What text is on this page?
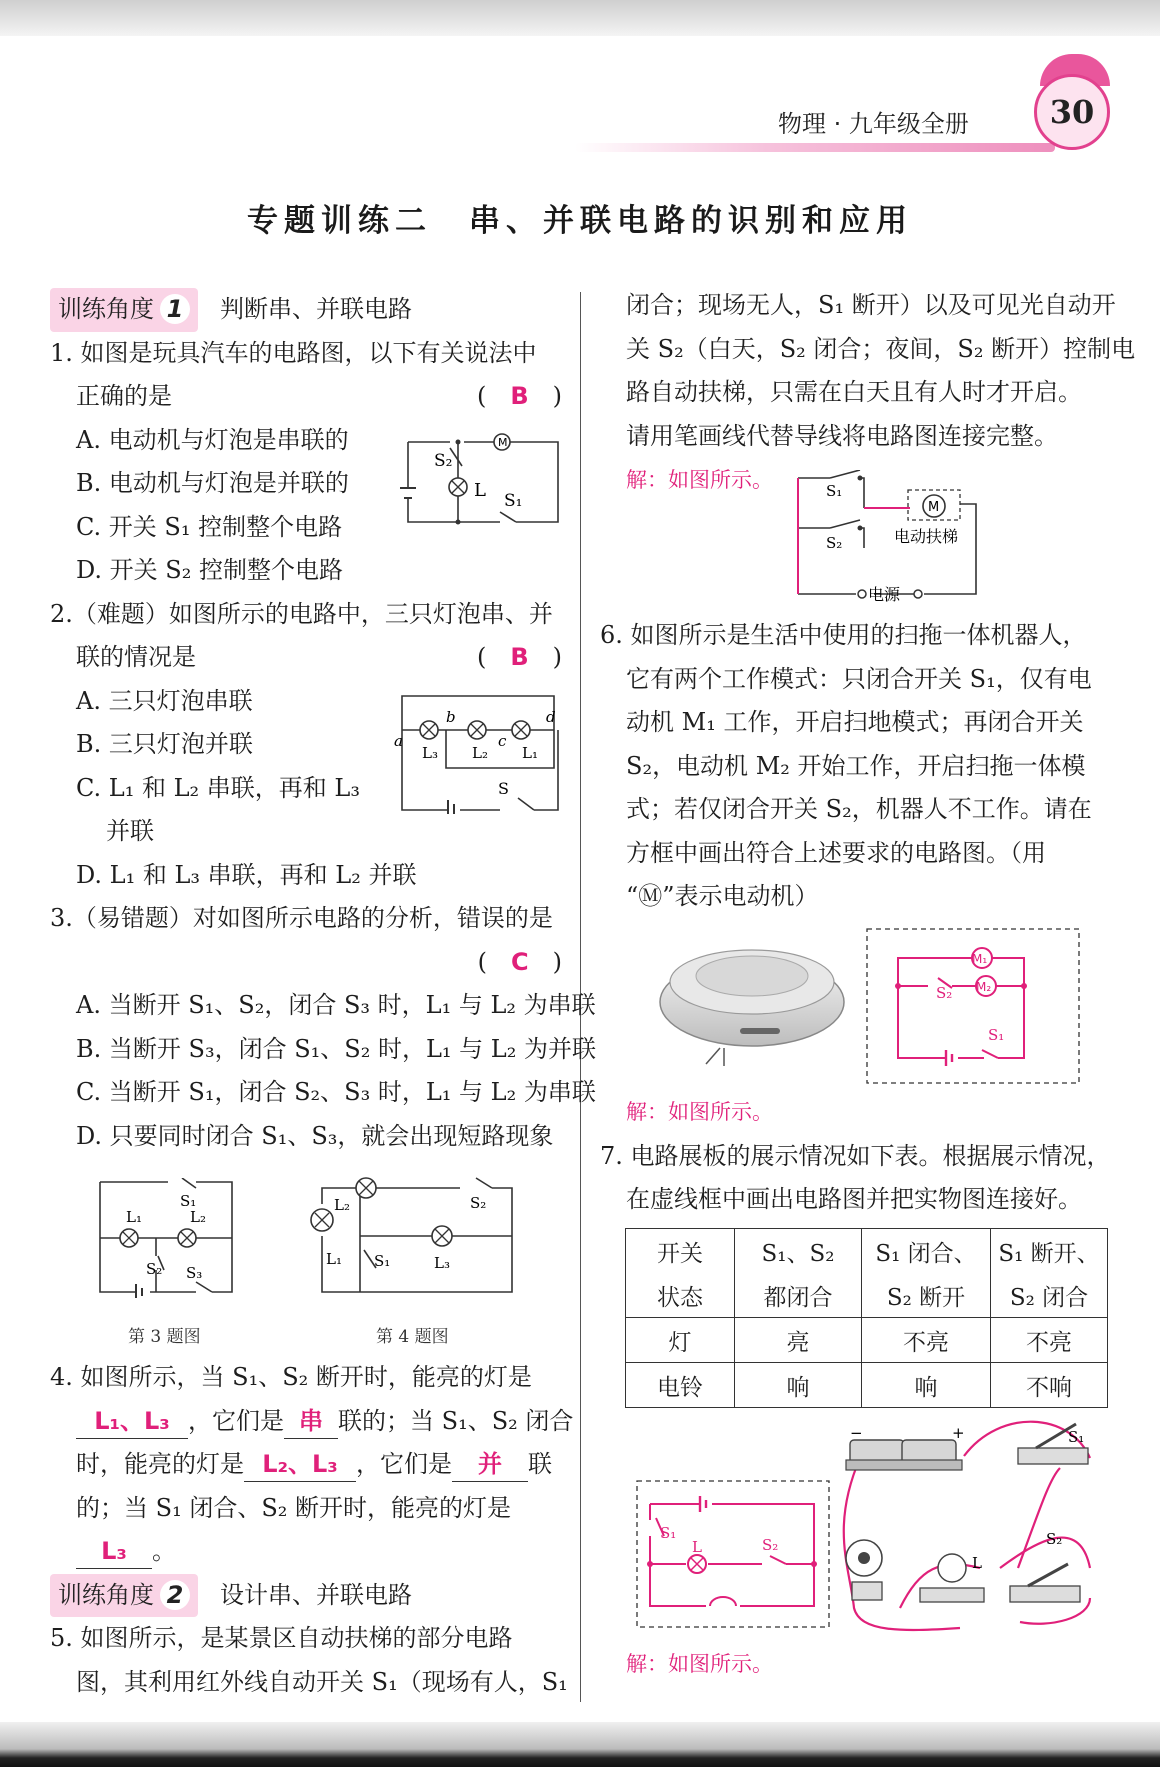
物理 · 九年级全册	30
专题训练二　串、并联电路的识别和应用

训练角度 1 判断串、并联电路

1. 如图是玩具汽车的电路图，以下有关说法中

正确的是	(　B　)

A. 电动机与灯泡是串联的

B. 电动机与灯泡是并联的

C. 开关 S₁ 控制整个电路

D. 开关 S₂ 控制整个电路

2.（难题）如图所示的电路中，三只灯泡串、并

联的情况是	(　B　)

A. 三只灯泡串联

B. 三只灯泡并联

C. L₁ 和 L₂ 串联，再和 L₃

并联

D. L₁ 和 L₃ 串联，再和 L₂ 并联

3.（易错题）对如图所示电路的分析，错误的是

(　C　)

A. 当断开 S₁、S₂，闭合 S₃ 时，L₁ 与 L₂ 为串联

B. 当断开 S₃，闭合 S₁、S₂ 时，L₁ 与 L₂ 为并联

C. 当断开 S₁，闭合 S₂、S₃ 时，L₁ 与 L₂ 为串联

D. 只要同时闭合 S₁、S₃，就会出现短路现象

4. 如图所示，当 S₁、S₂ 断开时，能亮的灯是

L₁、L₃ ，它们是 串 联的；当 S₁、S₂ 闭合

时，能亮的灯是 L₂、L₃ ，它们是 并 联

的；当 S₁ 闭合、S₂ 断开时，能亮的灯是

L₃ 。

训练角度 2 设计串、并联电路

5. 如图所示，是某景区自动扶梯的部分电路

图，其利用红外线自动开关 S₁（现场有人，S₁

闭合；现场无人，S₁ 断开）以及可见光自动开

关 S₂（白天，S₂ 闭合；夜间，S₂ 断开）控制电

路自动扶梯，只需在白天且有人时才开启。

请用笔画线代替导线将电路图连接完整。

解：如图所示。

6. 如图所示是生活中使用的扫拖一体机器人，

它有两个工作模式：只闭合开关 S₁，仅有电

动机 M₁ 工作，开启扫地模式；再闭合开关

S₂，电动机 M₂ 开始工作，开启扫拖一体模

式；若仅闭合开关 S₂，机器人不工作。请在

方框中画出符合上述要求的电路图。（用

“Ⓜ”表示电动机）

解：如图所示。

7. 电路展板的展示情况如下表。根据展示情况，

在虚线框中画出电路图并把实物图连接好。

解：如图所示。

开关	S₁、S₂	S₁ 闭合、	S₁ 断开、
状态	都闭合	S₂ 断开	S₂ 闭合
灯	亮	不亮	不亮
电铃	响	响	不响
M
L
S₂
S₁
a
b
c
d
L₃ L₂ L₁
S
S₁
L₁	L₂
S₂ S₃
第 3 题图
L₂	S₂
L₁ S₁	L₃
第 4 题图
M
S₁
S₂	电动扶梯
电源
M₁
M₂
S₂
S₁
S₁
L	S₂
−	+	S₁
S₂
L
